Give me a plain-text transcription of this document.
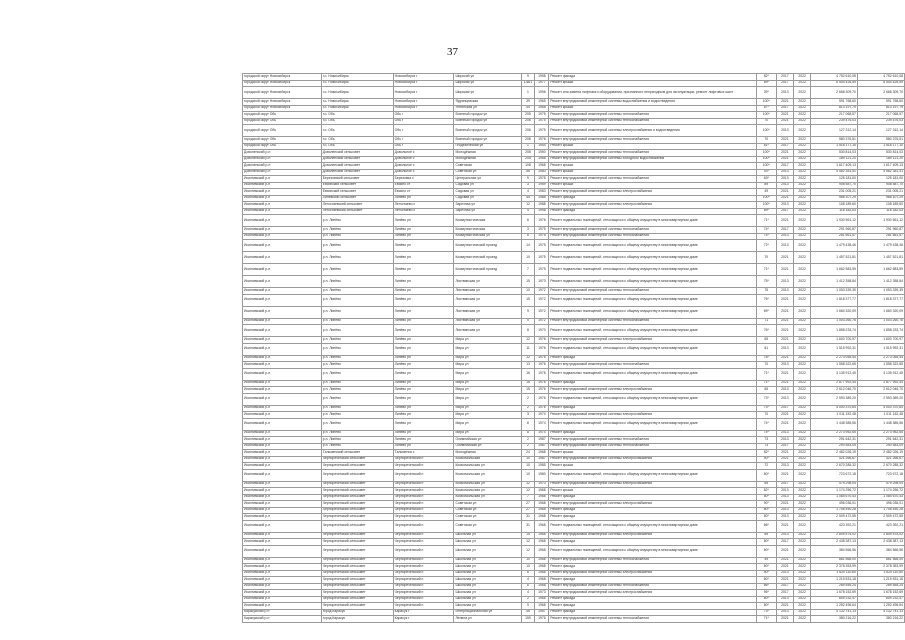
37
городской округ Новосибирск	г.о. Новосибирск	Новосибирск г	Широкий ул	9	1958	Ремонт фасада	82*	2017	2022	4 752 610,08	4 752 610,08
городской округ Новосибирск	г.о. Новосибирск	Новосибирск г	Широкая ул	138/1	1977	Ремонт крыши	89*	2017	2022	6 504 426,59	6 504 426,59
городской округ Новосибирск	г.о. Новосибирск	Новосибирск г	Широкая ул	1	1996	Ремонт или замена лифтового оборудования, признанного непригодным для эксплуатации, ремонт лифтовых шахт	39*	2013	2022	2 668 309,70	2 668 309,70
городской округ Новосибирск	г.о. Новосибирск	Новосибирск г	Ядринцевская	39	1965	Ремонт внутридомовой инженерной системы водоснабжения и водоотведения	100*	2021	2022	591 768,60	591 768,60
городской округ Новосибирск	г.о. Новосибирск	Новосибирск г	Ялтинская ул	44	1968	Ремонт крыши	87*	2017	2022	813 197,79	813 197,79
городской округ Обь	г.о. Обь	Обь г	Военный городок ул	205	1975	Ремонт внутридомовой инженерной системы теплоснабжения	100*	2021	2022	217 068,57	217 068,57
городской округ Обь	г.о. Обь	Обь г	Военный городок ул	206	1975	Ремонт внутридомовой инженерной системы теплоснабжения	70	2021	2022	239 476,03	239 476,03
городской округ Обь	г.о. Обь	Обь г	Военный городок ул	206	1975	Ремонт внутридомовой инженерной системы электроснабжения и водоотведения	100*	2013	2022	127 312,14	127 312,14
городской округ Обь	г.о. Обь	Обь г	Военный городок ул	208	1976	Ремонт внутридомовой инженерной системы теплоснабжения	70	2021	2022	580 376,51	580 376,51
городской округ Обь	г.о. Обь	Обь г	Геодезическая ул	1	1954	Ремонт крыши	81*	2017	2022	1 516 177,10	1 516 177,10
Доволенский р-н	Доволенский сельсовет	Довольное с	Молодёжная	208	1990	Ремонт внутридомовой инженерной системы теплоснабжения	100*	2021	2022	530 814,03	530 814,03
Доволенский р-н	Доволенский сельсовет	Довольное с	Молодёжная	205	1968	Ремонт внутридомовой инженерной системы холодного водоснабжения	100*	2021	2022	189 121,20	189 121,20
Доволенский р-н	Доволенский сельсовет	Довольное с	Советская	108	1968	Ремонт крыши	100*	2017	2022	1 617 409,13	1 617 409,13
Доволенский р-н	Доволенский сельсовет	Довольное с	Советская ул	56	1980	Ремонт крыши	43*	2013	2022	4 582 351,41	4 582 351,41
Искитимский р-н	Березовский сельсовет	Березовка с	Центральная ул	9	1978	Ремонт внутридомовой инженерной системы теплоснабжения	63*	2013	2022	125 181,00	125 181,00
Искитимский р-н	Евсинский сельсовет	Евсино ст	Садовая ул	3	1959	Ремонт крыши	89	2013	2022	908 587,70	908 587,70
Искитимский р-н	Евсинский сельсовет	Евсино ст	Садовая ул	4	1983	Ремонт внутридомовой инженерной системы электроснабжения	49	2021	2022	231 005,21	231 005,21
Искитимский р-н	Линёвский сельсовет	Линёво рп	Садовая ул	40	1988	Ремонт фасада	100*	2021	2022	968 107,29	968 107,29
Искитимский р-н	Легостаевский сельсовет	Легостаево с	Заречная ул	12	1988	Ремонт внутридомовой инженерной системы электроснабжения	100*	2013	2022	108 189,60	108 189,60
Искитимский р-н	Легостаевский сельсовет	Легостаево с	Заречная ул	4	1998	Ремонт фасада	89*	2017	2022	116 182,03	116 182,03
Искитимский р-н	р.п. Линёво	Линёво рп	Коммунистическая	6	1976	Ремонт подвальных помещений, относящихся к общему имуществу в многоквартирном доме	71*	2021	2022	1 930 561,12	1 930 561,12
Искитимский р-н	р.п. Линёво	Линёво рп	Коммунистическая	3	1975	Ремонт внутридомовой инженерной системы теплоснабжения	74*	2017	2022	291 960,87	291 960,87
Искитимский р-н	р.п. Линёво	Линёво рп	Коммунистическая ул	6	1975	Ремонт внутридомовой инженерной системы теплоснабжения	74*	2013	2022	281 661,57	281 661,57
Искитимский р-н	р.п. Линёво	Линёво рп	Коммунистический проезд	14	1975	Ремонт подвальных помещений, относящихся к общему имуществу в многоквартирном доме	72*	2013	2022	1 479 438,46	1 479 438,46
Искитимский р-н	р.п. Линёво	Линёво рп	Коммунистический проезд	10	1975	Ремонт подвальных помещений, относящихся к общему имуществу в многоквартирном доме	70	2021	2022	1 457 521,81	1 457 521,81
Искитимский р-н	р.п. Линёво	Линёво рп	Коммунистический проезд	7	1975	Ремонт подвальных помещений, относящихся к общему имуществу в многоквартирном доме	71*	2021	2022	1 662 583,59	1 662 583,59
Искитимский р-н	р.п. Линёво	Линёво рп	Листвянская ул	15	1973	Ремонт подвальных помещений, относящихся к общему имуществу в многоквартирном доме	75*	2013	2022	1 412 358,84	1 412 358,84
Искитимский р-н	р.п. Линёво	Линёво рп	Листвянская ул	10	1972	Ремонт внутридомовой инженерной системы теплоснабжения	75	2013	2022	1 053 339,39	1 053 339,39
Искитимский р-н	р.п. Линёво	Линёво рп	Листвянская ул	15	1972	Ремонт подвальных помещений, относящихся к общему имуществу в многоквартирном доме	76*	2021	2022	1 818 377,77	1 818 377,77
Искитимский р-н	р.п. Линёво	Линёво рп	Листвянская ул	9	1972	Ремонт подвальных помещений, относящихся к общему имуществу в многоквартирном доме	69*	2021	2022	1 660 320,09	1 660 320,09
Искитимский р-н	р.п. Линёво	Линёво рп	Листвянская ул	9	1972	Ремонт внутридомовой инженерной системы теплоснабжения	71	2021	2022	1 003 260,76	1 003 260,76
Искитимский р-н	р.п. Линёво	Линёво рп	Листвянская ул	8	1970	Ремонт подвальных помещений, относящихся к общему имуществу в многоквартирном доме	76*	2021	2022	1 858 233,74	1 858 233,74
Искитимский р-н	р.п. Линёво	Линёво рп	Мира ул	12	1976	Ремонт внутридомовой инженерной системы электроснабжения	65	2021	2022	1 600 700,97	1 600 700,97
Искитимский р-н	р.п. Линёво	Линёво рп	Мира ул	11	1976	Ремонт подвальных помещений, относящихся к общему имуществу в многоквартирном доме	81	2013	2022	1 515 992,31	1 515 992,31
Искитимский р-н	р.п. Линёво	Линёво рп	Мира ул	12	1976	Ремонт фасада	78*	2021	2022	2 273 055,44	2 273 055,44
Искитимский р-н	р.п. Линёво	Линёво рп	Мира ул	13	1976	Ремонт внутридомовой инженерной системы теплоснабжения	70	2013	2022	1 558 322,65	1 558 322,65
Искитимский р-н	р.п. Линёво	Линёво рп	Мира ул	16	1978	Ремонт подвальных помещений, относящихся к общему имуществу в многоквартирном доме	71*	2021	2022	3 135 912,45	3 135 912,45
Искитимский р-н	р.п. Линёво	Линёво рп	Мира ул	16	1978	Ремонт фасада	71*	2021	2022	2 877 992,44	2 877 992,44
Искитимский р-н	р.п. Линёво	Линёво рп	Мира ул	15	1976	Ремонт внутридомовой инженерной системы электроснабжения	65	2013	2022	2 612 046,70	2 612 046,70
Искитимский р-н	р.п. Линёво	Линёво рп	Мира ул	2	1976	Ремонт подвальных помещений, относящихся к общему имуществу в многоквартирном доме	73*	2013	2022	2 593 389,20	2 593 389,20
Искитимский р-н	р.п. Линёво	Линёво рп	Мира ул	2	1976	Ремонт фасада	73*	2017	2022	4 000 370,64	4 000 370,64
Искитимский р-н	р.п. Линёво	Линёво рп	Мира ул	3	1974	Ремонт внутридомовой инженерной системы электроснабжения	70	2021	2022	1 011 152,48	1 011 152,48
Искитимский р-н	р.п. Линёво	Линёво рп	Мира ул	6	1974	Ремонт подвальных помещений, относящихся к общему имуществу в многоквартирном доме	74*	2021	2022	1 448 385,56	1 448 385,56
Искитимский р-н	р.п. Линёво	Линёво рп	Мира ул	8	1974	Ремонт фасада	74*	2013	2022	2 273 952,65	2 273 952,65
Искитимский р-н	р.п. Линёво	Линёво рп	Олимпийская ул	2	1987	Ремонт внутридомовой инженерной системы теплоснабжения	73	2013	2022	291 642,31	291 642,31
Искитимский р-н	р.п. Линёво	Линёво рп	Олимпийская ул	2	1987	Ремонт внутридомовой инженерной системы теплоснабжения	73	2017	2022	290 583,09	290 583,09
Искитимский р-н	Тальменский сельсовет	Тальменка с	Молодёжная	24	1968	Ремонт крыши	82*	2021	2022	2 482 026,19	2 482 026,19
Искитимский р-н	Чернореченский сельсовет	Чернореченский п	Комсомольская	10	1987	Ремонт внутридомовой инженерной системы электроснабжения	90*	2021	2022	421 266,67	421 266,67
Искитимский р-н	Чернореченский сельсовет	Чернореченский п	Комсомольская ул	10	1985	Ремонт крыши	72	2013	2022	2 670 285,32	2 670 285,32
Искитимский р-н	Чернореченский сельсовет	Чернореченский п	Комсомольская ул	10	1980	Ремонт подвальных помещений, относящихся к общему имуществу в многоквартирном доме	80*	2021	2022	723 672,18	723 672,18
Искитимский р-н	Чернореченский сельсовет	Чернореченский п	Комсомольская ул	12	1970	Ремонт внутридомовой инженерной системы электроснабжения	65	2017	2022	479 298,04	479 298,04
Искитимский р-н	Чернореченский сельсовет	Чернореченский п	Комсомольская ул	12	1968	Ремонт крыши	82*	2013	2022	1 174 256,72	1 174 256,72
Искитимский р-н	Чернореченский сельсовет	Чернореченский п	Комсомольская ул	7	1968	Ремонт фасада	80*	2013	2022	1 084 670,43	1 084 670,43
Искитимский р-н	Чернореченский сельсовет	Чернореченский п	Советская ул	27	1968	Ремонт внутридомовой инженерной системы электроснабжения	90*	2021	2022	496 036,01	496 036,01
Искитимский р-н	Чернореченский сельсовет	Чернореченский п	Советская ул	27	1968	Ремонт фасада	80*	2013	2022	1 708 450,28	1 708 450,28
Искитимский р-н	Чернореченский сельсовет	Чернореченский п	Советская ул	31	1968	Ремонт фасада	80*	2013	2022	2 509 472,55	2 509 472,55
Искитимский р-н	Чернореченский сельсовет	Чернореченский п	Советская ул	31	1968	Ремонт подвальных помещений, относящихся к общему имуществу в многоквартирном доме	86*	2021	2022	423 392,21	423 392,21
Искитимский р-н	Чернореченский сельсовет	Чернореченский п	Школьная ул	15	1968	Ремонт внутридомовой инженерной системы электроснабжения	89	2013	2022	2 809 575,02	2 809 575,02
Искитимский р-н	Чернореченский сельсовет	Чернореченский п	Школьная ул	12	1968	Ремонт фасада	80*	2017	2022	2 438 387,13	2 438 387,13
Искитимский р-н	Чернореченский сельсовет	Чернореченский п	Школьная ул	12	1968	Ремонт подвальных помещений, относящихся к общему имуществу в многоквартирном доме	80*	2021	2022	384 566,56	384 566,56
Искитимский р-н	Чернореченский сельсовет	Чернореченский п	Школьная ул	10	1968	Ремонт внутридомовой инженерной системы теплоснабжения	49	2021	2022	661 566,00	661 566,00
Искитимский р-н	Чернореченский сельсовет	Чернореченский п	Школьная ул	10	1968	Ремонт фасада	80*	2021	2022	2 378 353,99	2 378 353,99
Искитимский р-н	Чернореченский сельсовет	Чернореченский п	Школьная ул	6	1968	Ремонт внутридомовой инженерной системы электроснабжения	90*	2013	2022	1 620 110,60	1 620 110,60
Искитимский р-н	Чернореченский сельсовет	Чернореченский п	Школьная ул	4	1968	Ремонт фасада	80*	2021	2022	1 219 531,18	1 219 531,18
Искитимский р-н	Чернореченский сельсовет	Чернореченский п	Школьная ул	6	1968	Ремонт внутридомовой инженерной системы теплоснабжения	86*	2017	2022	289 555,24	289 555,24
Искитимский р-н	Чернореченский сельсовет	Чернореченский п	Школьная ул	4	1973	Ремонт внутридомовой инженерной системы электроснабжения	96*	2017	2022	1 678 152,69	1 678 152,69
Искитимский р-н	Чернореченский сельсовет	Чернореченский п	Школьная ул	2	1968	Ремонт фасада	80*	2013	2022	609 232,47	609 232,47
Искитимский р-н	Чернореченский сельсовет	Чернореченский п	Школьная ул	9	1968	Ремонт фасада	80*	2021	2022	1 252 496,64	1 252 496,64
Карасукский р-н	город Карасук	Карасук г	Интернациональная ул	46	1957	Ремонт фасада	73*	2013	2022	4 132 741,13	4 132 741,13
Карасукский р-н	город Карасук	Карасук г	Ленина ул	159	1976	Ремонт внутридомовой инженерной системы теплоснабжения	71*	2021	2022	380 216,22	380 216,22
